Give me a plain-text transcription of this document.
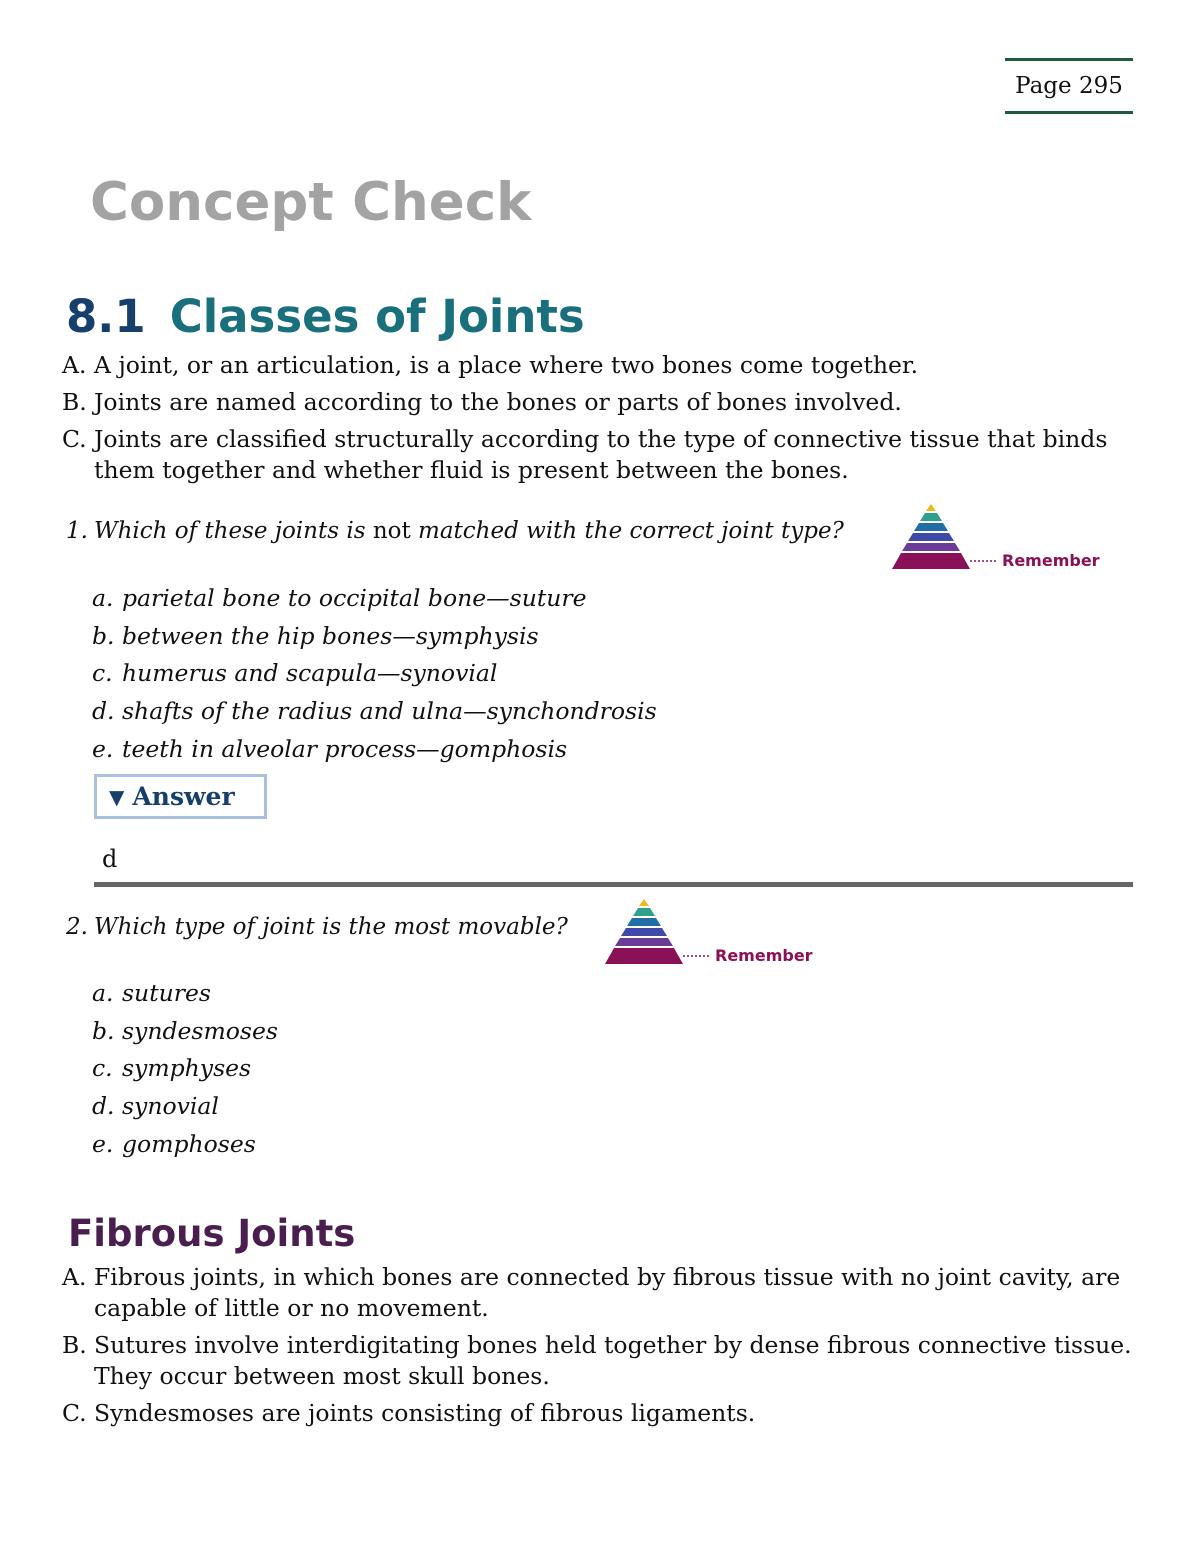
Page 295
Concept Check
8.1 Classes of Joints
A. A joint, or an articulation, is a place where two bones come together.
B. Joints are named according to the bones or parts of bones involved.
C. Joints are classified structurally according to the type of connective tissue that binds them together and whether fluid is present between the bones.

1. Which of these joints is not matched with the correct joint type?

Remember
a. parietal bone to occipital bone—suture
b. between the hip bones—symphysis
c. humerus and scapula—synovial
d. shafts of the radius and ulna—synchondrosis
e. teeth in alveolar process—gomphosis
▼ Answer
d

2. Which type of joint is the most movable?

Remember
a. sutures
b. syndesmoses
c. symphyses
d. synovial
e. gomphoses
Fibrous Joints
A. Fibrous joints, in which bones are connected by fibrous tissue with no joint cavity, are capable of little or no movement.
B. Sutures involve interdigitating bones held together by dense fibrous connective tissue. They occur between most skull bones.
C. Syndesmoses are joints consisting of fibrous ligaments.
